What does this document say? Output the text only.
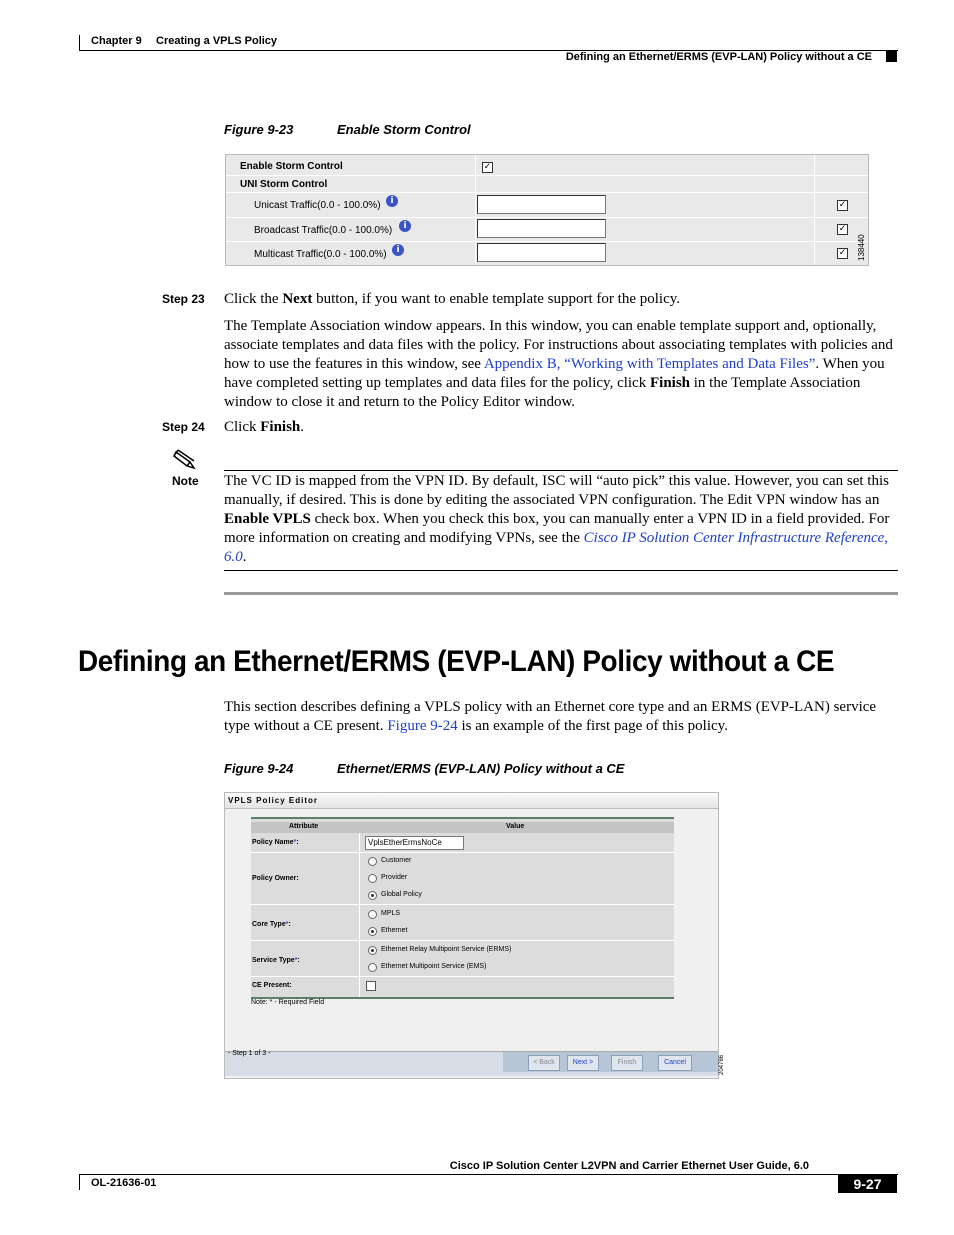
Chapter 9 Creating a VPLS Policy
Defining an Ethernet/ERMS (EVP-LAN) Policy without a CE
Figure 9-23	Enable Storm Control
Enable Storm Control	✓
UNI Storm Control
Unicast Traffic(0.0 - 100.0%)	i	✓
Broadcast Traffic(0.0 - 100.0%)	i	✓
Multicast Traffic(0.0 - 100.0%)	i	✓ 138440
Step 23 Click the Next button, if you want to enable template support for the policy.
The Template Association window appears. In this window, you can enable template support and, optionally, associate templates and data files with the policy. For instructions about associating templates with policies and how to use the features in this window, see Appendix B, “Working with Templates and Data Files”. When you have completed setting up templates and data files for the policy, click Finish in the Template Association window to close it and return to the Policy Editor window.
Step 24 Click Finish.
Note The VC ID is mapped from the VPN ID. By default, ISC will “auto pick” this value. However, you can set this manually, if desired. This is done by editing the associated VPN configuration. The Edit VPN window has an Enable VPLS check box. When you check this box, you can manually enter a VPN ID in a field provided. For more information on creating and modifying VPNs, see the Cisco IP Solution Center Infrastructure Reference, 6.0.
Defining an Ethernet/ERMS (EVP-LAN) Policy without a CE
This section describes defining a VPLS policy with an Ethernet core type and an ERMS (EVP-LAN) service type without a CE present. Figure 9-24 is an example of the first page of this policy.
Figure 9-24	Ethernet/ERMS (EVP-LAN) Policy without a CE
VPLS Policy Editor
Attribute	Value
Policy Name*:	VplsEtherErmsNoCe
Policy Owner:
Customer
Provider
Global Policy
Core Type*:
MPLS
Ethernet
Service Type*:
Ethernet Relay Multipoint Service (ERMS)
Ethernet Multipoint Service (EMS)
CE Present:
Note: * - Required Field
- Step 1 of 3 -
< Back	Next >	Finish	Cancel	204786
Cisco IP Solution Center L2VPN and Carrier Ethernet User Guide, 6.0
OL-21636-01	9-27
